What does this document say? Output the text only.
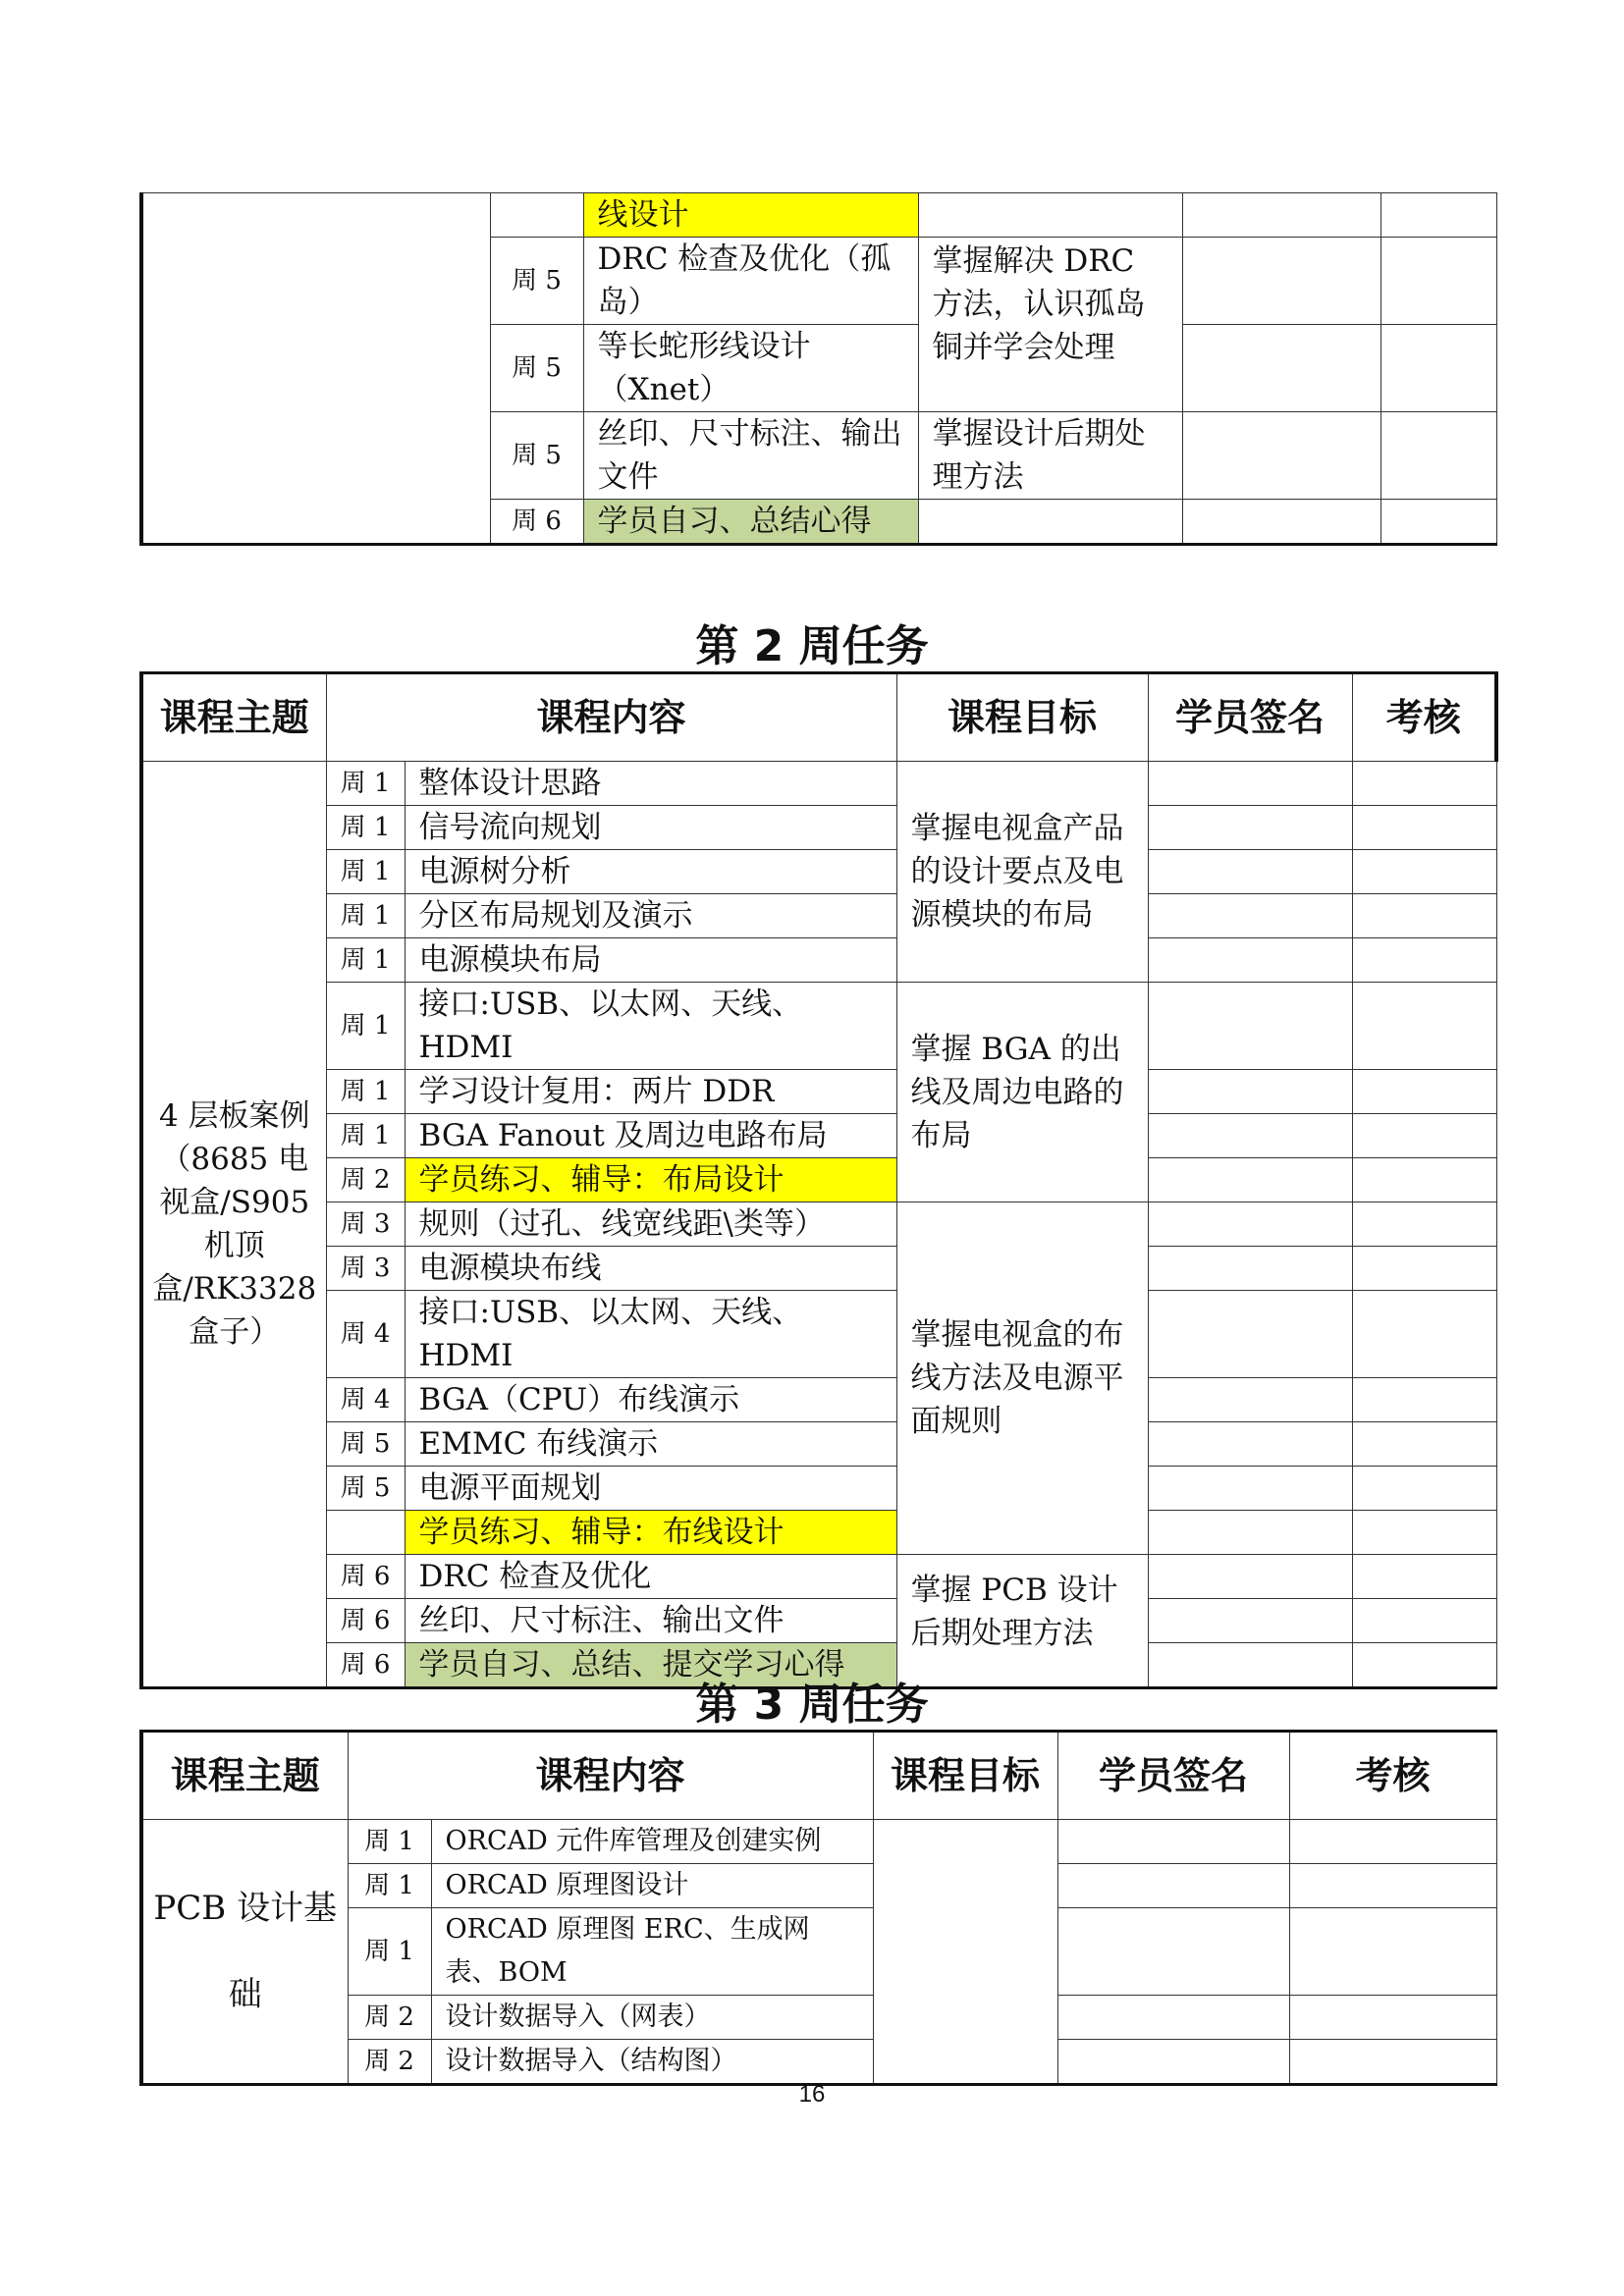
		线设计			
	周 5	DRC 检查及优化（孤岛）	掌握解决 DRC 方法，认识孤岛铜并学会处理		
	周 5	等长蛇形线设计（Xnet）			
	周 5	丝印、尺寸标注、输出文件	掌握设计后期处理方法		
	周 6	学员自习、总结心得			
第 2 周任务
课程主题	课程内容		课程目标	学员签名	考核
4 层板案例（8685 电视盒/S905 机顶盒/RK3328 盒子）	周 1	整体设计思路	掌握电视盒产品的设计要点及电源模块的布局		
	周 1	信号流向规划			
	周 1	电源树分析			
	周 1	分区布局规划及演示			
	周 1	电源模块布局			
	周 1	接口:USB、以太网、天线、HDMI	掌握 BGA 的出线及周边电路的布局		
	周 1	学习设计复用：两片 DDR			
	周 1	BGA Fanout 及周边电路布局			
	周 2	学员练习、辅导：布局设计			
	周 3	规则（过孔、线宽线距\类等）	掌握电视盒的布线方法及电源平面规则		
	周 3	电源模块布线			
	周 4	接口:USB、以太网、天线、HDMI			
	周 4	BGA（CPU）布线演示			
	周 5	EMMC 布线演示			
	周 5	电源平面规划			
		学员练习、辅导：布线设计			
	周 6	DRC 检查及优化	掌握 PCB 设计后期处理方法		
	周 6	丝印、尺寸标注、输出文件			
	周 6	学员自习、总结、提交学习心得			
第 3 周任务
课程主题	课程内容		课程目标	学员签名	考核
PCB 设计基础	周 1	ORCAD 元件库管理及创建实例			
	周 1	ORCAD 原理图设计			
	周 1	ORCAD 原理图 ERC、生成网表、BOM			
	周 2	设计数据导入（网表）			
	周 2	设计数据导入（结构图）			
16
